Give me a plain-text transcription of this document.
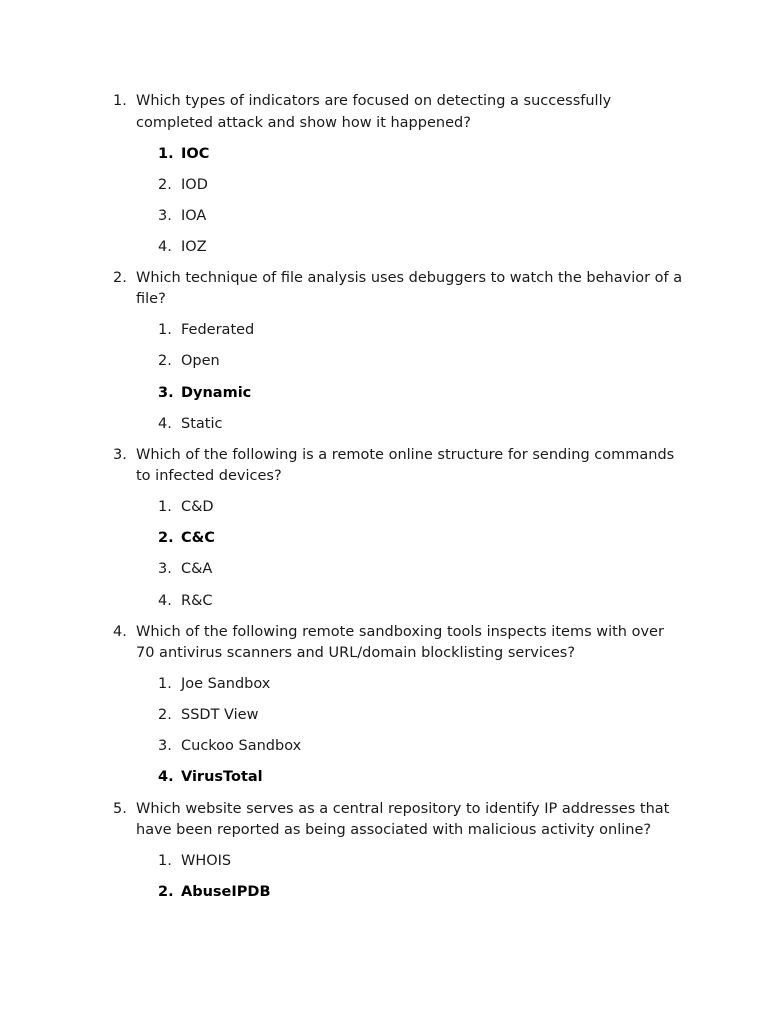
1. Which types of indicators are focused on detecting a successfully completed attack and show how it happened?
1. IOC
2. IOD
3. IOA
4. IOZ
2. Which technique of file analysis uses debuggers to watch the behavior of a file?
1. Federated
2. Open
3. Dynamic
4. Static
3. Which of the following is a remote online structure for sending commands to infected devices?
1. C&D
2. C&C
3. C&A
4. R&C
4. Which of the following remote sandboxing tools inspects items with over 70 antivirus scanners and URL/domain blocklisting services?
1. Joe Sandbox
2. SSDT View
3. Cuckoo Sandbox
4. VirusTotal
5. Which website serves as a central repository to identify IP addresses that have been reported as being associated with malicious activity online?
1. WHOIS
2. AbuseIPDB
